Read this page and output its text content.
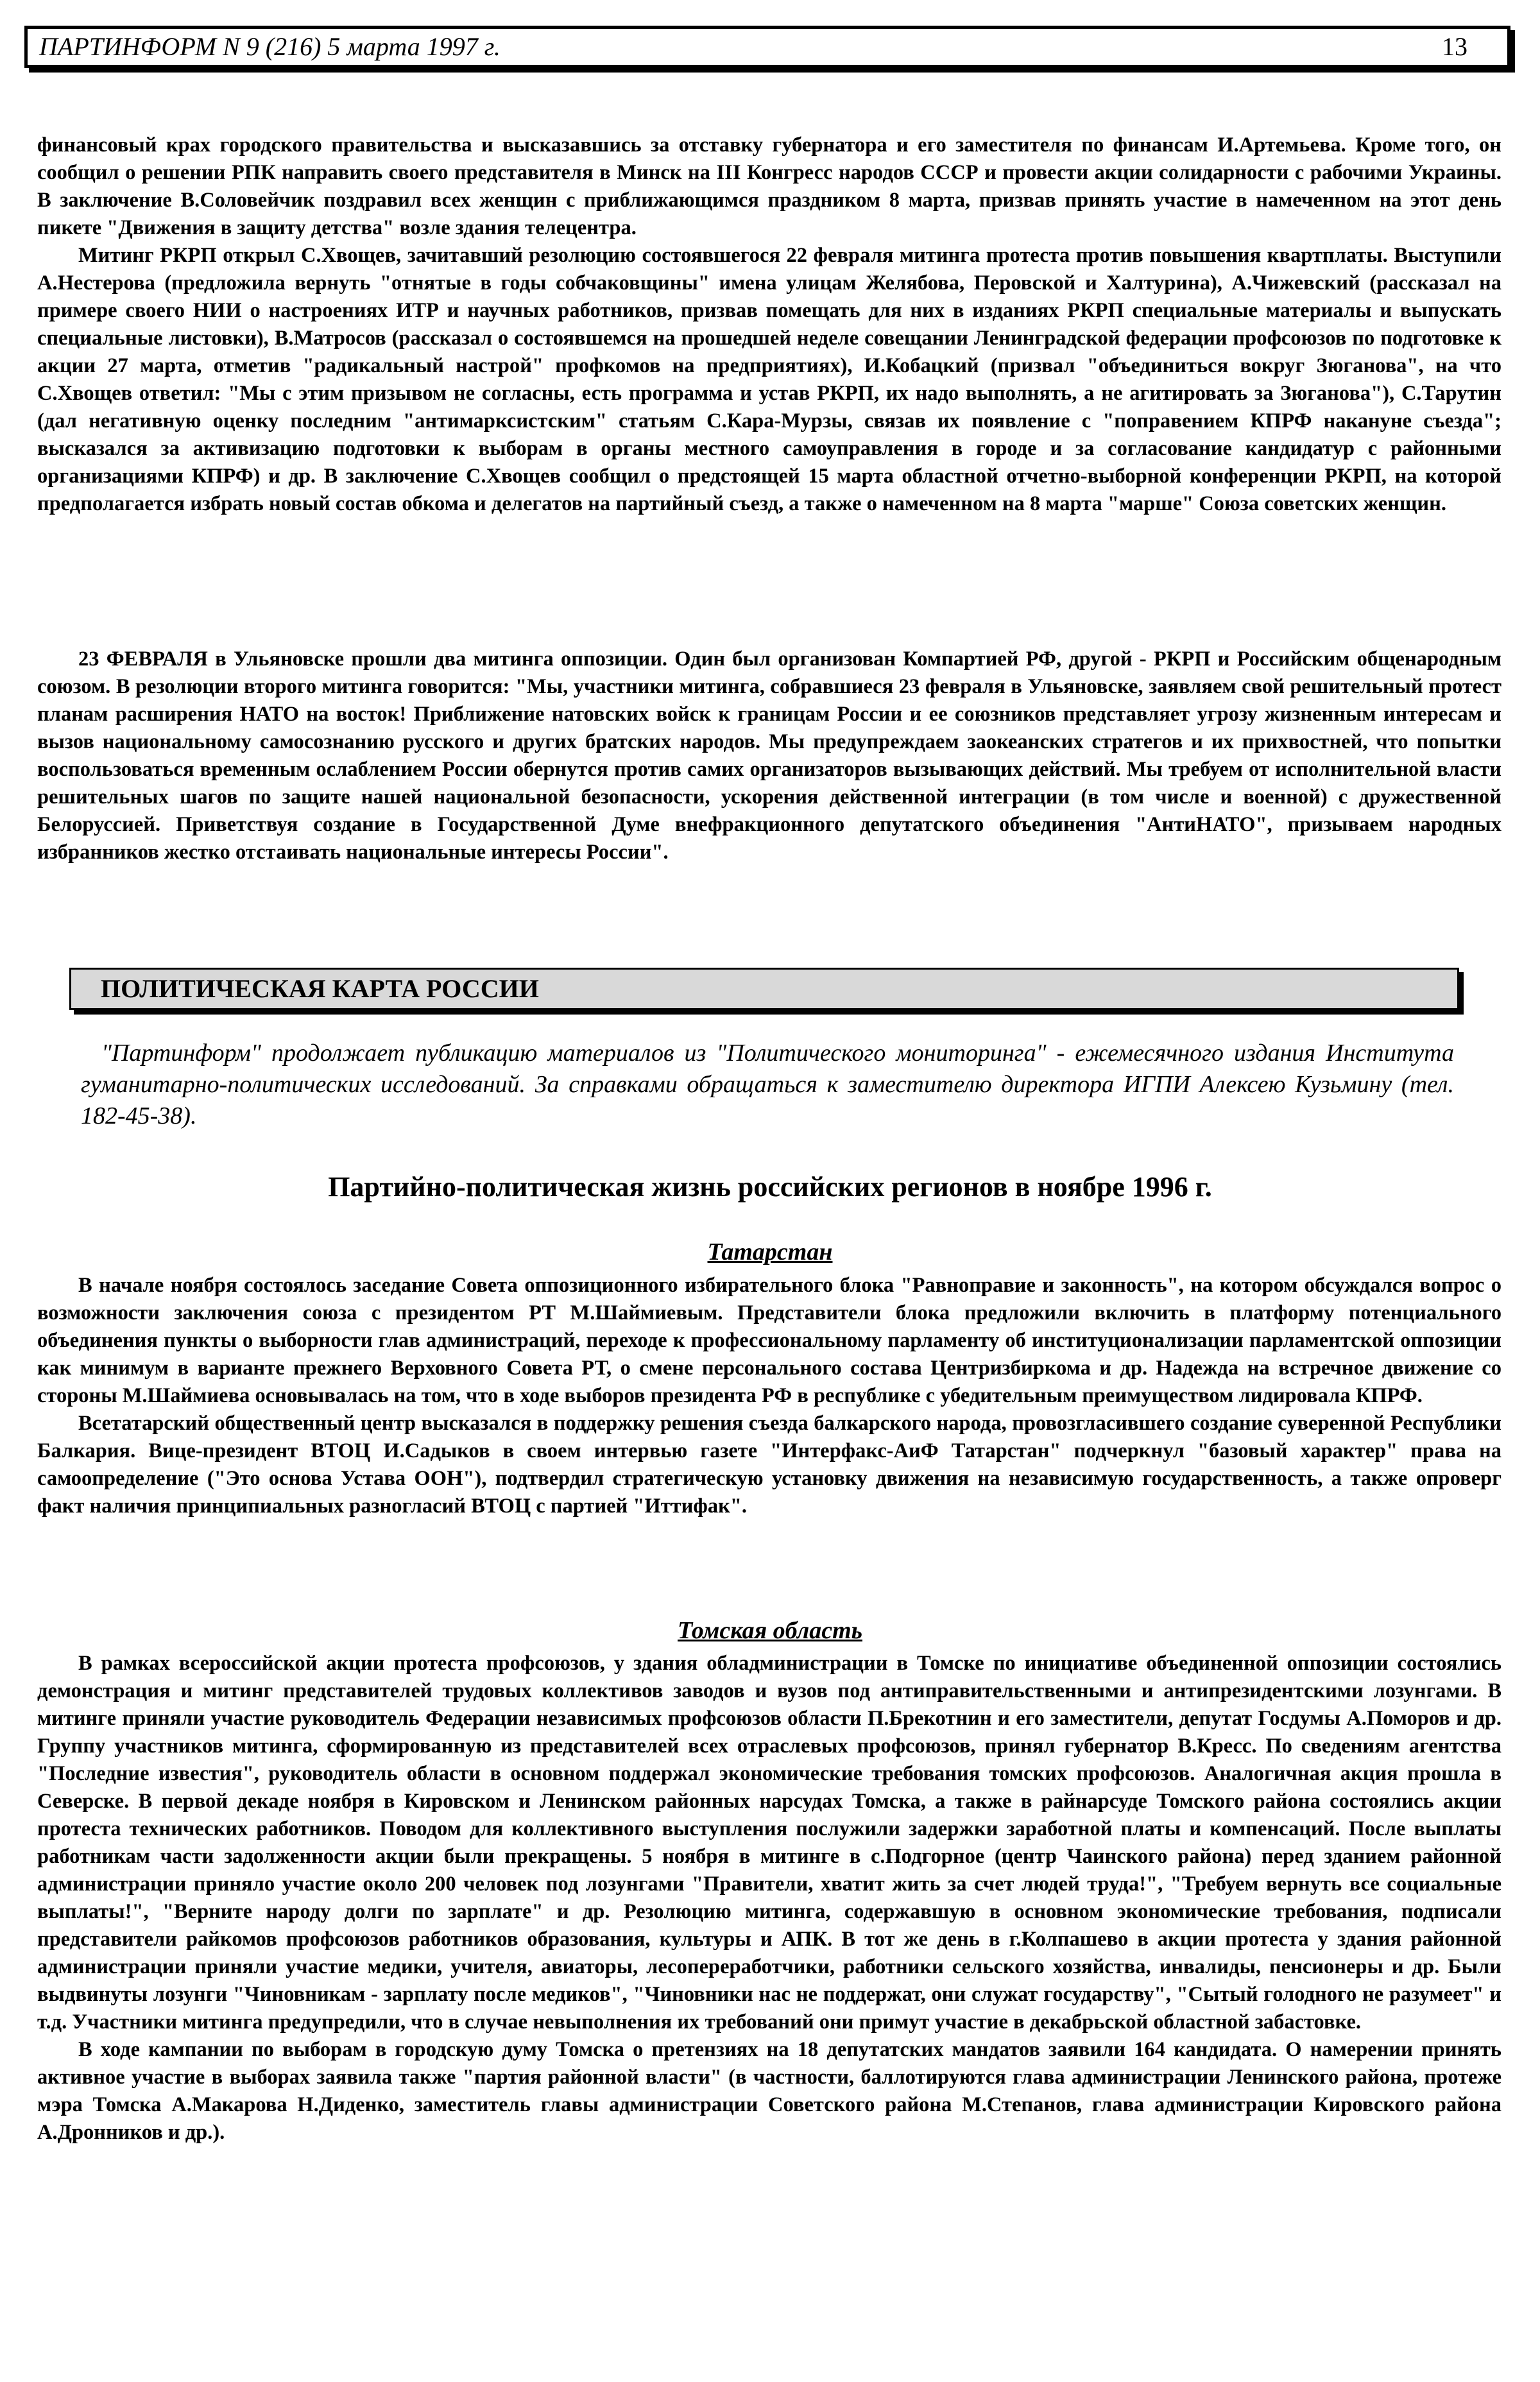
ПАРТИНФОРМ N 9 (216) 5 марта 1997 г.	13

финансовый крах городского правительства и высказавшись за отставку губернатора и его заместителя по финансам И.Артемьева. Кроме того, он сообщил о решении РПК направить своего представителя в Минск на III Конгресс народов СССР и провести акции солидарности с рабочими Украины. В заключение В.Соловейчик поздравил всех женщин с приближающимся праздником 8 марта, призвав принять участие в намеченном на этот день пикете "Движения в защиту детства" возле здания телецентра.

Митинг РКРП открыл С.Хвощев, зачитавший резолюцию состоявшегося 22 февраля митинга протеста против повышения квартплаты. Выступили А.Нестерова (предложила вернуть "отнятые в годы собчаковщины" имена улицам Желябова, Перовской и Халтурина), А.Чижевский (рассказал на примере своего НИИ о настроениях ИТР и научных работников, призвав помещать для них в изданиях РКРП специальные материалы и выпускать специальные листовки), В.Матросов (рассказал о состоявшемся на прошедшей неделе совещании Ленинградской федерации профсоюзов по подготовке к акции 27 марта, отметив "радикальный настрой" профкомов на предприятиях), И.Кобацкий (призвал "объединиться вокруг Зюганова", на что С.Хвощев ответил: "Мы с этим призывом не согласны, есть программа и устав РКРП, их надо выполнять, а не агитировать за Зюганова"), С.Тарутин (дал негативную оценку последним "антимарксистским" статьям С.Кара-Мурзы, связав их появление с "поправением КПРФ накануне съезда"; высказался за активизацию подготовки к выборам в органы местного самоуправления в городе и за согласование кандидатур с районными организациями КПРФ) и др. В заключение С.Хвощев сообщил о предстоящей 15 марта областной отчетно-выборной конференции РКРП, на которой предполагается избрать новый состав обкома и делегатов на партийный съезд, а также о намеченном на 8 марта "марше" Союза советских женщин.

23 ФЕВРАЛЯ в Ульяновске прошли два митинга оппозиции. Один был организован Компартией РФ, другой - РКРП и Российским общенародным союзом. В резолюции второго митинга говорится: "Мы, участники митинга, собравшиеся 23 февраля в Ульяновске, заявляем свой решительный протест планам расширения НАТО на восток! Приближение натовских войск к границам России и ее союзников представляет угрозу жизненным интересам и вызов национальному самосознанию русского и других братских народов. Мы предупреждаем заокеанских стратегов и их прихвостней, что попытки воспользоваться временным ослаблением России обернутся против самих организаторов вызывающих действий. Мы требуем от исполнительной власти решительных шагов по защите нашей национальной безопасности, ускорения действенной интеграции (в том числе и военной) с дружественной Белоруссией. Приветствуя создание в Государственной Думе внефракционного депутатского объединения "АнтиНАТО", призываем народных избранников жестко отстаивать национальные интересы России".

ПОЛИТИЧЕСКАЯ КАРТА РОССИИ
"Партинформ" продолжает публикацию материалов из "Политического мониторинга" - ежемесячного издания Института гуманитарно-политических исследований. За справками обращаться к заместителю директора ИГПИ Алексею Кузьмину (тел. 182-45-38).
Партийно-политическая жизнь российских регионов в ноябре 1996 г.
Татарстан

В начале ноября состоялось заседание Совета оппозиционного избирательного блока "Равноправие и законность", на котором обсуждался вопрос о возможности заключения союза с президентом РТ М.Шаймиевым. Представители блока предложили включить в платформу потенциального объединения пункты о выборности глав администраций, переходе к профессиональному парламенту об институционализации парламентской оппозиции как минимум в варианте прежнего Верховного Совета РТ, о смене персонального состава Центризбиркома и др. Надежда на встречное движение со стороны М.Шаймиева основывалась на том, что в ходе выборов президента РФ в республике с убедительным преимуществом лидировала КПРФ.

Всетатарский общественный центр высказался в поддержку решения съезда балкарского народа, провозгласившего создание суверенной Республики Балкария. Вице-президент ВТОЦ И.Садыков в своем интервью газете "Интерфакс-АиФ Татарстан" подчеркнул "базовый характер" права на самоопределение ("Это основа Устава ООН"), подтвердил стратегическую установку движения на независимую государственность, а также опроверг факт наличия принципиальных разногласий ВТОЦ с партией "Иттифак".

Томская область

В рамках всероссийской акции протеста профсоюзов, у здания обладминистрации в Томске по инициативе объединенной оппозиции состоялись демонстрация и митинг представителей трудовых коллективов заводов и вузов под антиправительственными и антипрезидентскими лозунгами. В митинге приняли участие руководитель Федерации независимых профсоюзов области П.Брекотнин и его заместители, депутат Госдумы А.Поморов и др. Группу участников митинга, сформированную из представителей всех отраслевых профсоюзов, принял губернатор В.Кресс. По сведениям агентства "Последние известия", руководитель области в основном поддержал экономические требования томских профсоюзов. Аналогичная акция прошла в Северске. В первой декаде ноября в Кировском и Ленинском районных нарсудах Томска, а также в райнарсуде Томского района состоялись акции протеста технических работников. Поводом для коллективного выступления послужили задержки заработной платы и компенсаций. После выплаты работникам части задолженности акции были прекращены. 5 ноября в митинге в с.Подгорное (центр Чаинского района) перед зданием районной администрации приняло участие около 200 человек под лозунгами "Правители, хватит жить за счет людей труда!", "Требуем вернуть все социальные выплаты!", "Верните народу долги по зарплате" и др. Резолюцию митинга, содержавшую в основном экономические требования, подписали представители райкомов профсоюзов работников образования, культуры и АПК. В тот же день в г.Колпашево в акции протеста у здания районной администрации приняли участие медики, учителя, авиаторы, лесопереработчики, работники сельского хозяйства, инвалиды, пенсионеры и др. Были выдвинуты лозунги "Чиновникам - зарплату после медиков", "Чиновники нас не поддержат, они служат государству", "Сытый голодного не разумеет" и т.д. Участники митинга предупредили, что в случае невыполнения их требований они примут участие в декабрьской областной забастовке.

В ходе кампании по выборам в городскую думу Томска о претензиях на 18 депутатских мандатов заявили 164 кандидата. О намерении принять активное участие в выборах заявила также "партия районной власти" (в частности, баллотируются глава администрации Ленинского района, протеже мэра Томска А.Макарова Н.Диденко, заместитель главы администрации Советского района М.Степанов, глава администрации Кировского района А.Дронников и др.).
